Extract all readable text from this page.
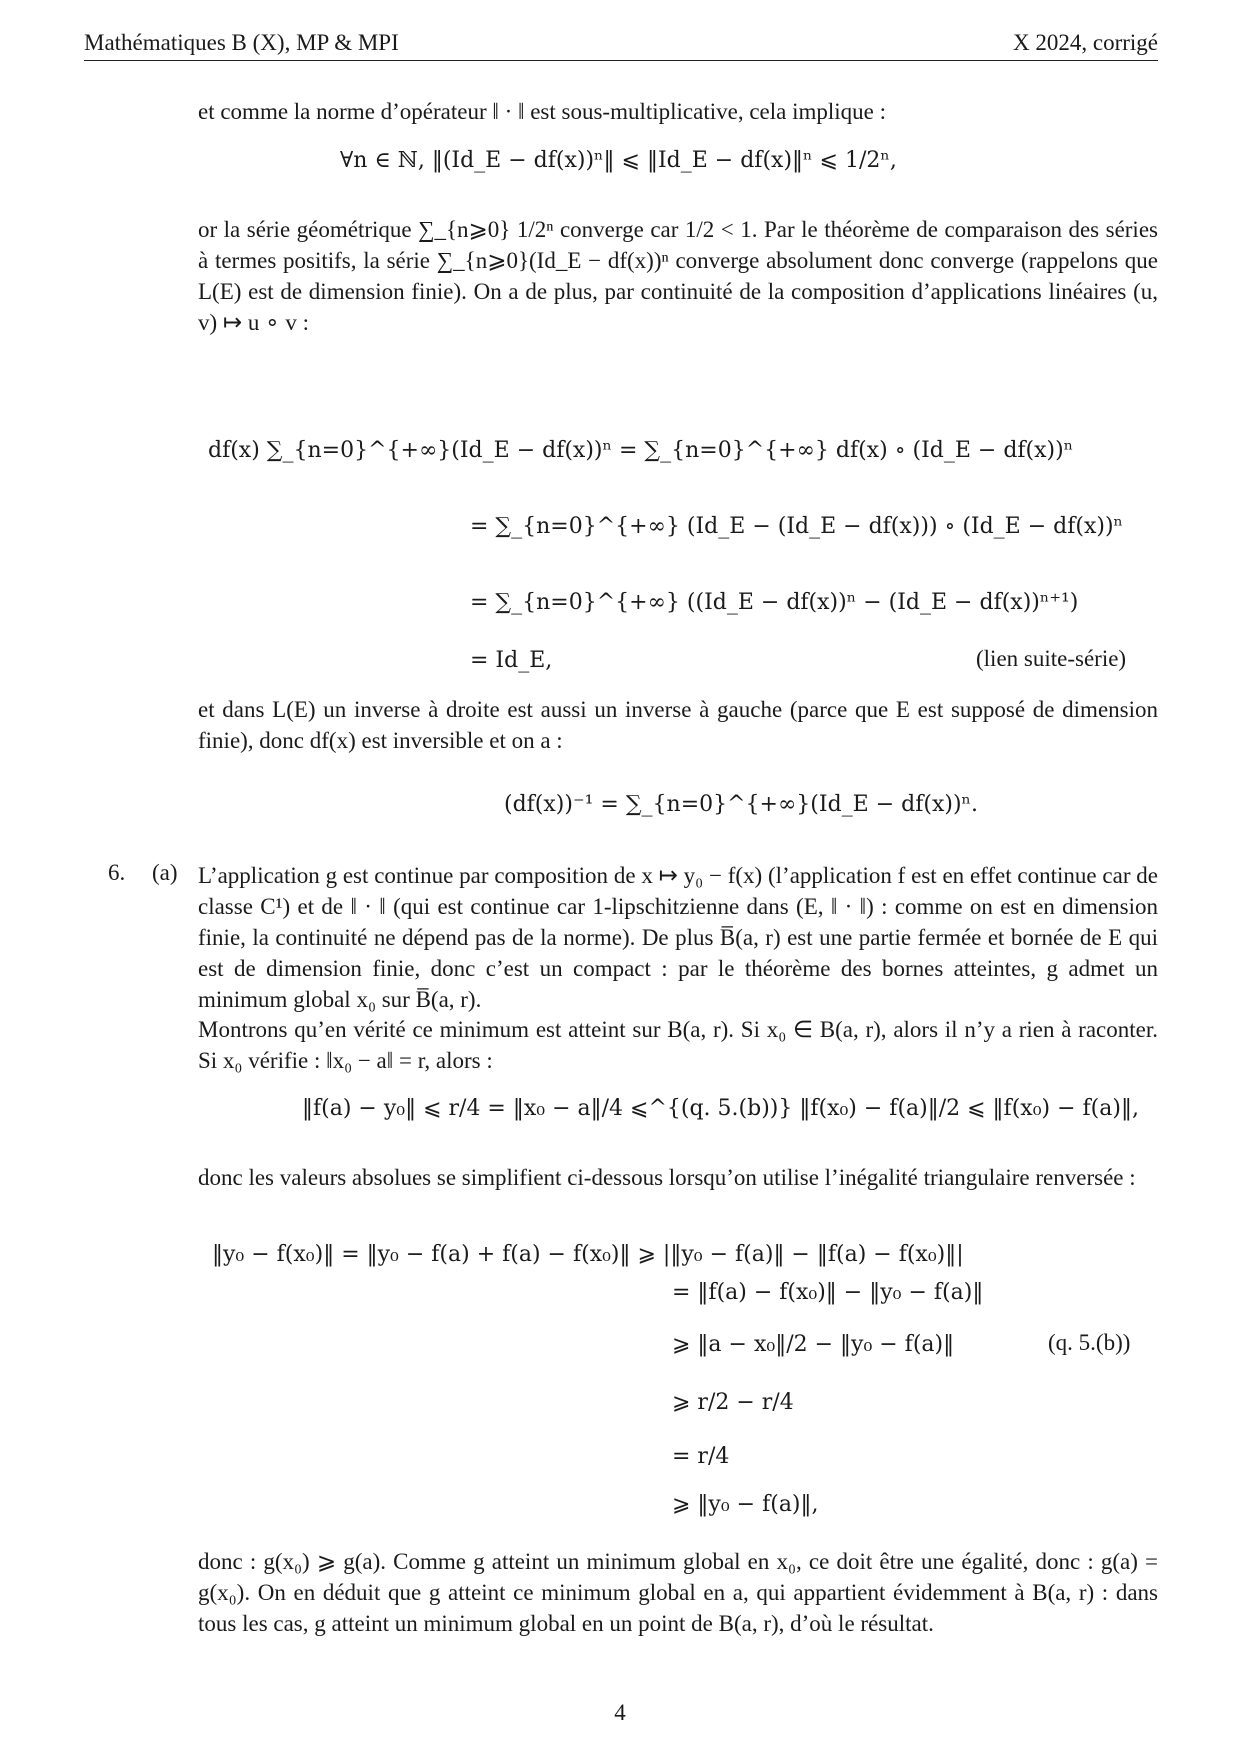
Mathématiques B (X), MP & MPI	X 2024, corrigé

et comme la norme d’opérateur ‖ · ‖ est sous-multiplicative, cela implique :

∀n ∈ ℕ, ‖(Id_E − df(x))ⁿ‖ ⩽ ‖Id_E − df(x)‖ⁿ ⩽ 1/2ⁿ,

or la série géométrique ∑_{n⩾0} 1/2ⁿ converge car 1/2 < 1. Par le théorème de comparaison des séries à termes positifs, la série ∑_{n⩾0}(Id_E − df(x))ⁿ converge absolument donc converge (rappelons que L(E) est de dimension finie). On a de plus, par continuité de la composition d’applications linéaires (u, v) ↦ u ∘ v :

df(x) ∑_{n=0}^{+∞}(Id_E − df(x))ⁿ = ∑_{n=0}^{+∞} df(x) ∘ (Id_E − df(x))ⁿ
= ∑_{n=0}^{+∞} (Id_E − (Id_E − df(x))) ∘ (Id_E − df(x))ⁿ
= ∑_{n=0}^{+∞} ((Id_E − df(x))ⁿ − (Id_E − df(x))ⁿ⁺¹)
= Id_E,	(lien suite-série)

et dans L(E) un inverse à droite est aussi un inverse à gauche (parce que E est supposé de dimension finie), donc df(x) est inversible et on a :

(df(x))⁻¹ = ∑_{n=0}^{+∞}(Id_E − df(x))ⁿ.
6. (a) L’application g est continue par composition de x ↦ y₀ − f(x) (l’application f est en effet continue car de classe C¹) et de ‖ · ‖ (qui est continue car 1-lipschitzienne dans (E, ‖ · ‖) : comme on est en dimension finie, la continuité ne dépend pas de la norme). De plus B̅(a, r) est une partie fermée et bornée de E qui est de dimension finie, donc c’est un compact : par le théorème des bornes atteintes, g admet un minimum global x₀ sur B̅(a, r).

Montrons qu’en vérité ce minimum est atteint sur B(a, r). Si x₀ ∈ B(a, r), alors il n’y a rien à raconter. Si x₀ vérifie : ‖x₀ − a‖ = r, alors :

‖f(a) − y₀‖ ⩽ r/4 = ‖x₀ − a‖/4 ⩽^{(q. 5.(b))} ‖f(x₀) − f(a)‖/2 ⩽ ‖f(x₀) − f(a)‖,

donc les valeurs absolues se simplifient ci-dessous lorsqu’on utilise l’inégalité triangulaire renversée :

‖y₀ − f(x₀)‖ = ‖y₀ − f(a) + f(a) − f(x₀)‖ ⩾ |‖y₀ − f(a)‖ − ‖f(a) − f(x₀)‖|
= ‖f(a) − f(x₀)‖ − ‖y₀ − f(a)‖
⩾ ‖a − x₀‖/2 − ‖y₀ − f(a)‖	(q. 5.(b))
⩾ r/2 − r/4
= r/4
⩾ ‖y₀ − f(a)‖,

donc : g(x₀) ⩾ g(a). Comme g atteint un minimum global en x₀, ce doit être une égalité, donc : g(a) = g(x₀). On en déduit que g atteint ce minimum global en a, qui appartient évidemment à B(a, r) : dans tous les cas, g atteint un minimum global en un point de B(a, r), d’où le résultat.

4
